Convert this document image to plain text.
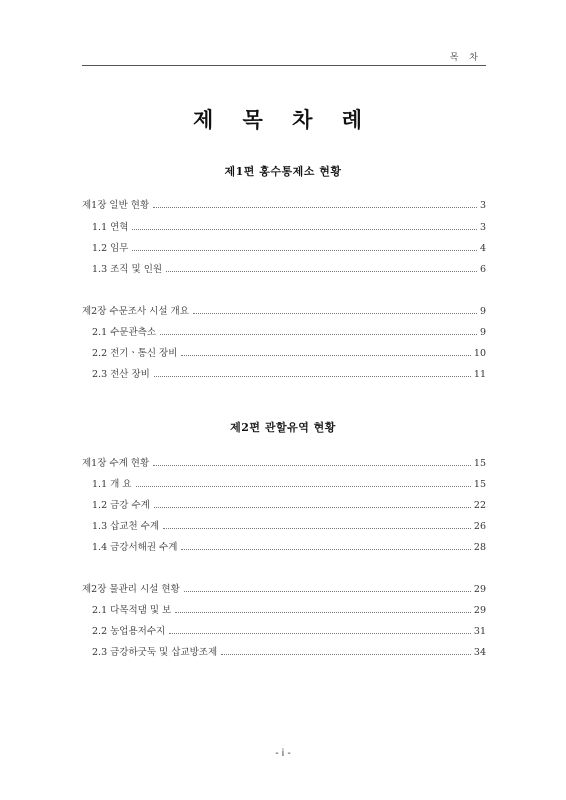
목 차
제 목 차 례
제1편 홍수통제소 현황
제1장 일반 현황	3
1.1 연혁	3
1.2 임무	4
1.3 조직 및 인원	6
제2장 수문조사 시설 개요	9
2.1 수문관측소	9
2.2 전기ㆍ통신 장비	10
2.3 전산 장비	11
제2편 관할유역 현황
제1장 수계 현황	15
1.1 개 요	15
1.2 금강 수계	22
1.3 삽교천 수계	26
1.4 금강서해권 수계	28
제2장 물관리 시설 현황	29
2.1 다목적댐 및 보	29
2.2 농업용저수지	31
2.3 금강하굿둑 및 삽교방조제	34
- i -
